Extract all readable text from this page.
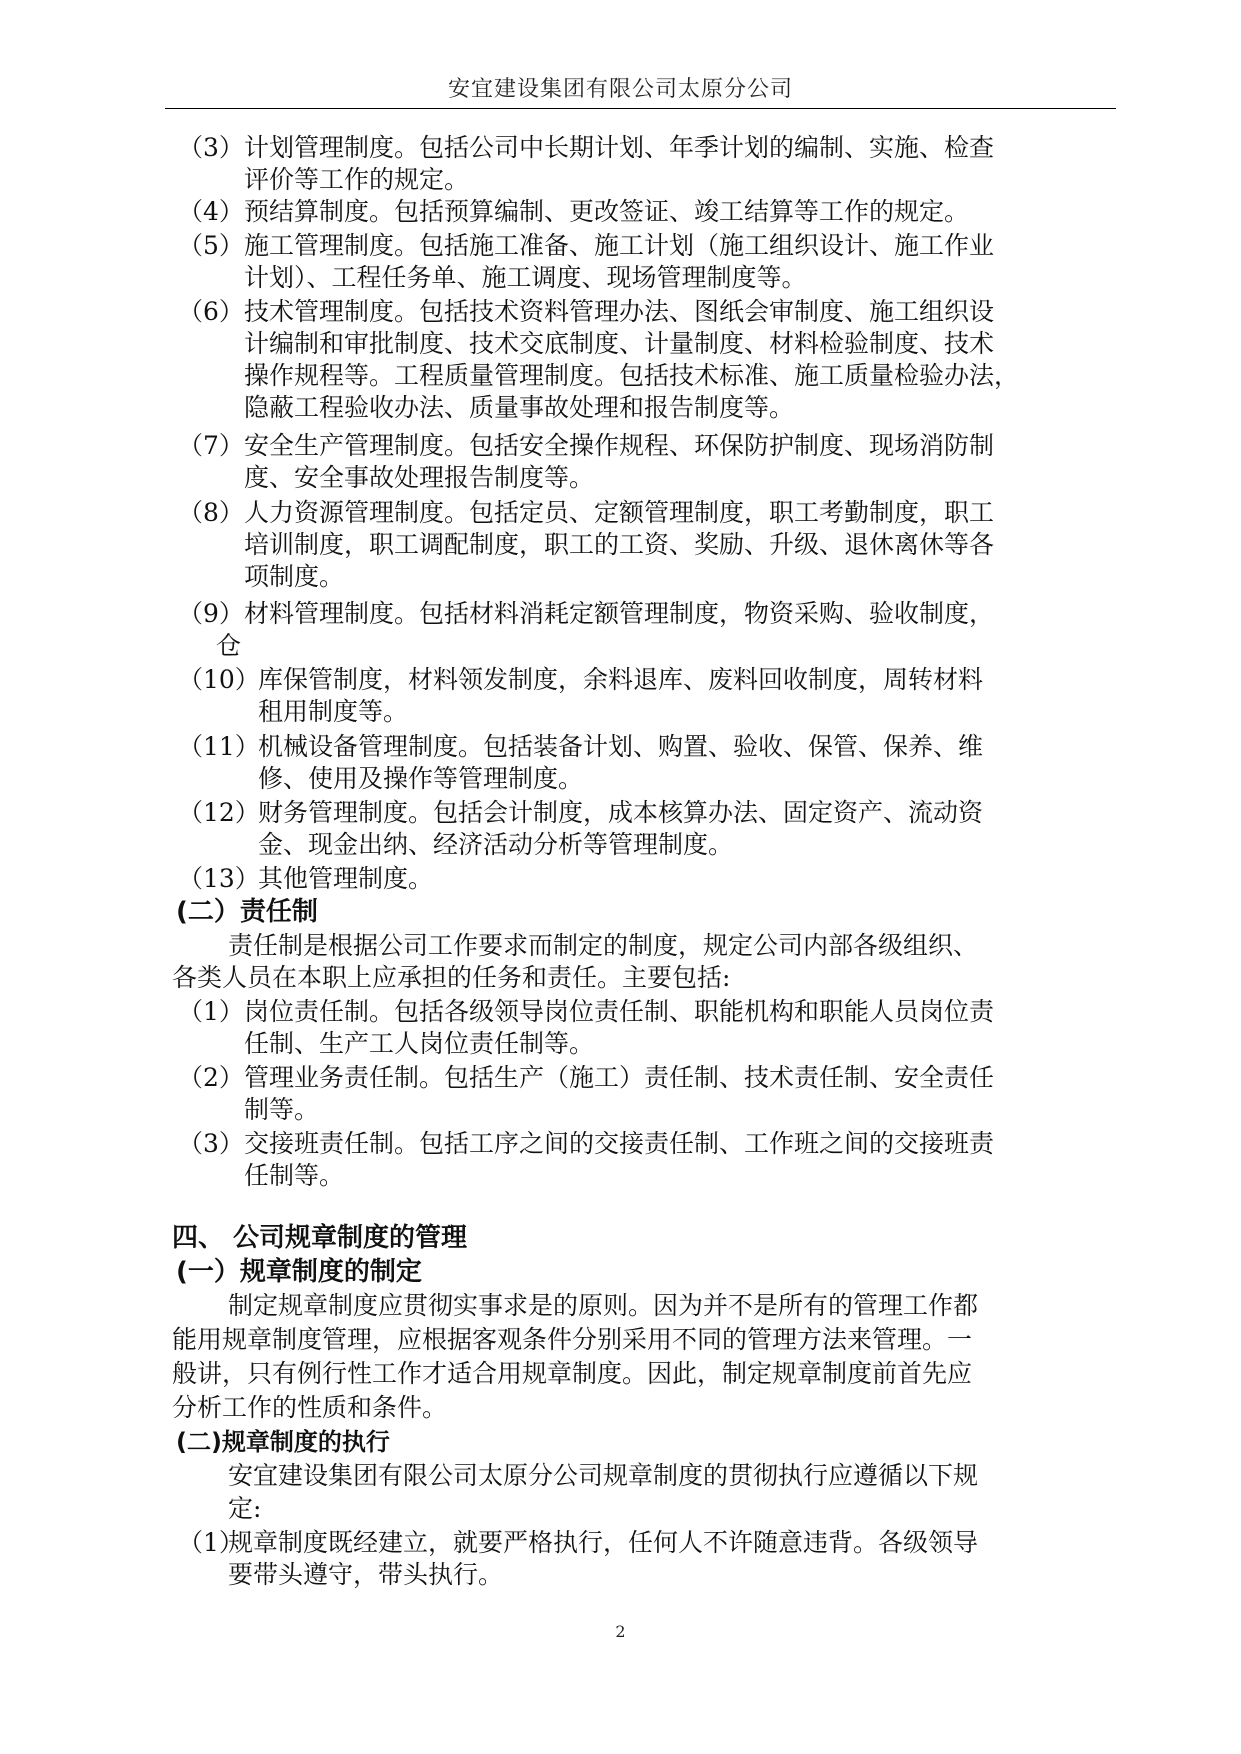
安宜建设集团有限公司太原分公司
（3） 计划管理制度。包括公司中长期计划、年季计划的编制、实施、检查
评价等工作的规定。
（4） 预结算制度。包括预算编制、更改签证、竣工结算等工作的规定。
（5） 施工管理制度。包括施工准备、施工计划（施工组织设计、施工作业
计划）、工程任务单、施工调度、现场管理制度等。
（6） 技术管理制度。包括技术资料管理办法、图纸会审制度、施工组织设
计编制和审批制度、技术交底制度、计量制度、材料检验制度、技术
操作规程等。工程质量管理制度。包括技术标准、施工质量检验办法，
隐蔽工程验收办法、质量事故处理和报告制度等。
（7） 安全生产管理制度。包括安全操作规程、环保防护制度、现场消防制
度、安全事故处理报告制度等。
（8） 人力资源管理制度。包括定员、定额管理制度，职工考勤制度，职工
培训制度，职工调配制度，职工的工资、奖励、升级、退休离休等各
项制度。
（9） 材料管理制度。包括材料消耗定额管理制度，物资采购、验收制度，
仓
（10）
库保管制度，材料领发制度，余料退库、废料回收制度，周转材料
租用制度等。
（11）
机械设备管理制度。包括装备计划、购置、验收、保管、保养、维
修、使用及操作等管理制度。
（12）
财务管理制度。包括会计制度，成本核算办法、固定资产、流动资
金、现金出纳、经济活动分析等管理制度。
（13）
其他管理制度。
(二）责任制
责任制是根据公司工作要求而制定的制度，规定公司内部各级组织、
各类人员在本职上应承担的任务和责任。主要包括:
（1） 岗位责任制。包括各级领导岗位责任制、职能机构和职能人员岗位责
任制、生产工人岗位责任制等。
（2） 管理业务责任制。包括生产（施工）责任制、技术责任制、安全责任
制等。
（3） 交接班责任制。包括工序之间的交接责任制、工作班之间的交接班责
任制等。
四、 公司规章制度的管理
(一）规章制度的制定
制定规章制度应贯彻实事求是的原则。因为并不是所有的管理工作都
能用规章制度管理，应根据客观条件分别采用不同的管理方法来管理。一
般讲，只有例行性工作才适合用规章制度。因此，制定规章制度前首先应
分析工作的性质和条件。
(二)规章制度的执行
安宜建设集团有限公司太原分公司规章制度的贯彻执行应遵循以下规
定:
（1）
规章制度既经建立，就要严格执行，任何人不许随意违背。各级领导
要带头遵守，带头执行。
2
